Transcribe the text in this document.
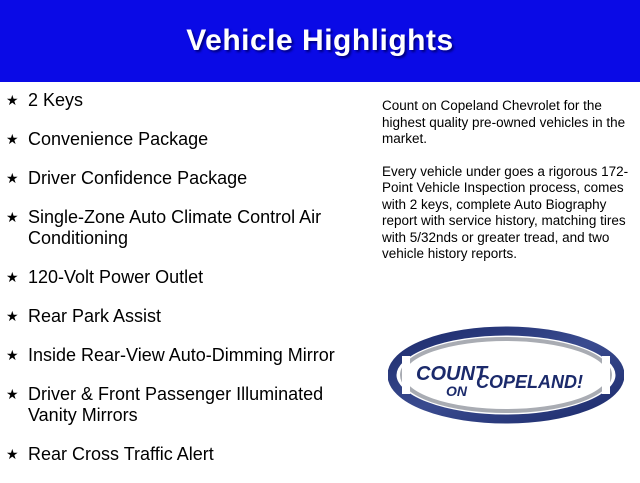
Vehicle Highlights
★ 2 Keys
★ Convenience Package
★ Driver Confidence Package
★ Single-Zone Auto Climate Control Air Conditioning
★ 120-Volt Power Outlet
★ Rear Park Assist
★ Inside Rear-View Auto-Dimming Mirror
★ Driver & Front Passenger Illuminated Vanity Mirrors
★ Rear Cross Traffic Alert

Count on Copeland Chevrolet for the highest quality pre-owned vehicles in the market.

Every vehicle under goes a rigorous 172-Point Vehicle Inspection process, comes with 2 keys, complete Auto Biography report with service history, matching tires with 5/32nds or greater tread, and two vehicle history reports.

COUNT
ON COPELAND!
